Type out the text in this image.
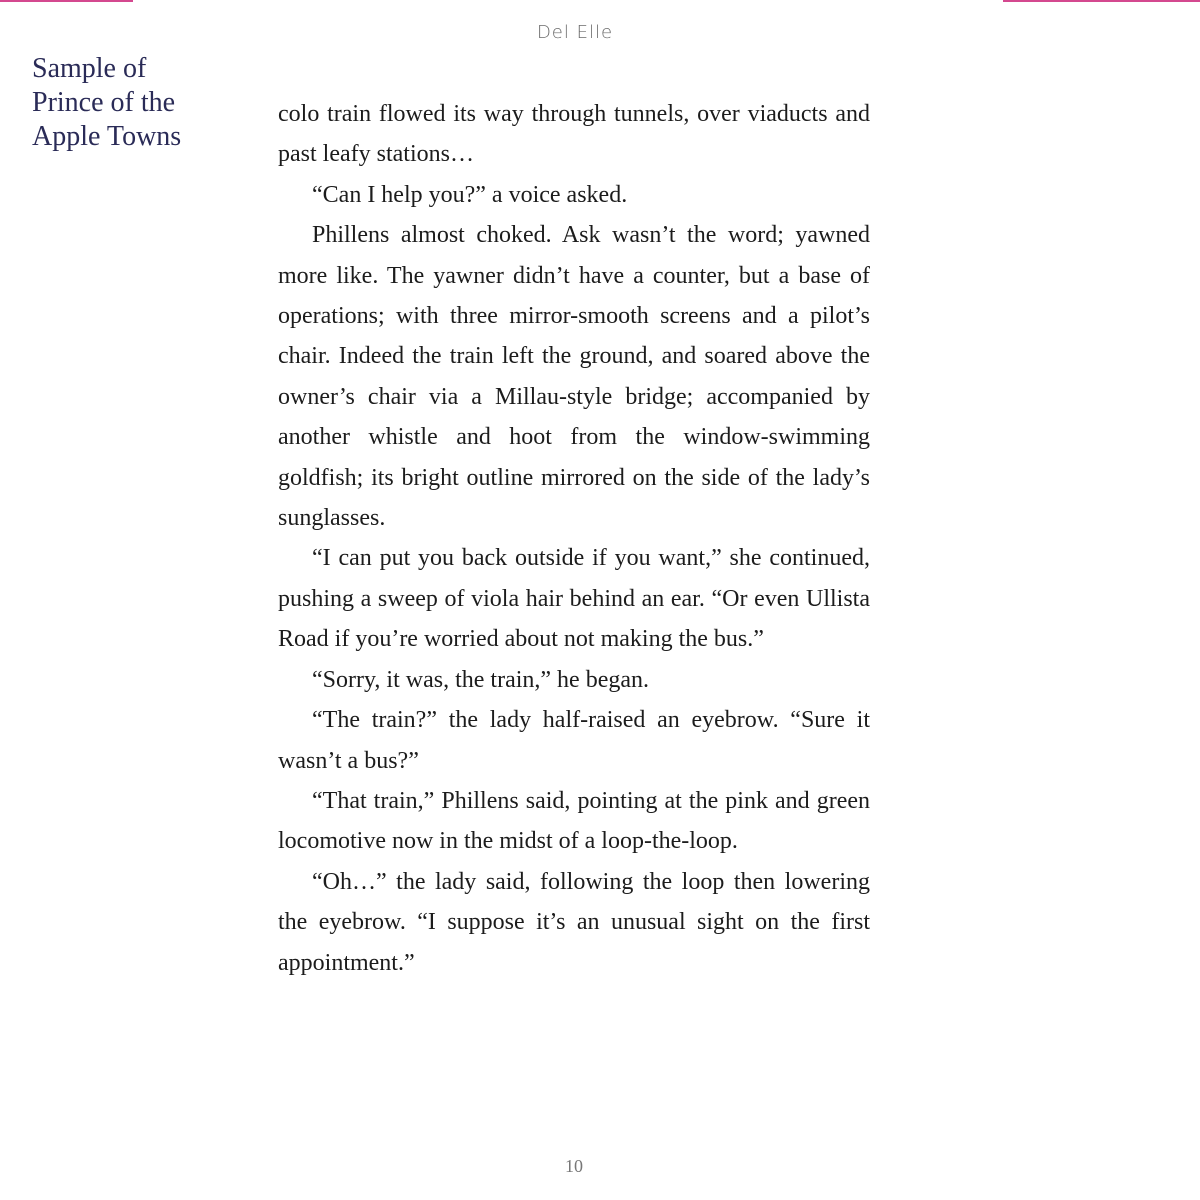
Del Elle
Sample of
Prince of the
Apple Towns

colo train flowed its way through tunnels, over viaducts and past leafy stations…

“Can I help you?” a voice asked.

Phillens almost choked. Ask wasn’t the word; yawned more like. The yawner didn’t have a counter, but a base of operations; with three mirror-smooth screens and a pilot’s chair. Indeed the train left the ground, and soared above the owner’s chair via a Millau-style bridge; accompanied by another whistle and hoot from the window-swimming goldfish; its bright outline mirrored on the side of the lady’s sunglasses.

“I can put you back outside if you want,” she continued, pushing a sweep of viola hair behind an ear. “Or even Ullista Road if you’re worried about not making the bus.”

“Sorry, it was, the train,” he began.

“The train?” the lady half-raised an eyebrow. “Sure it wasn’t a bus?”

“That train,” Phillens said, pointing at the pink and green locomotive now in the midst of a loop-the-loop.

“Oh…” the lady said, following the loop then lowering the eyebrow. “I suppose it’s an unusual sight on the first appointment.”

10
